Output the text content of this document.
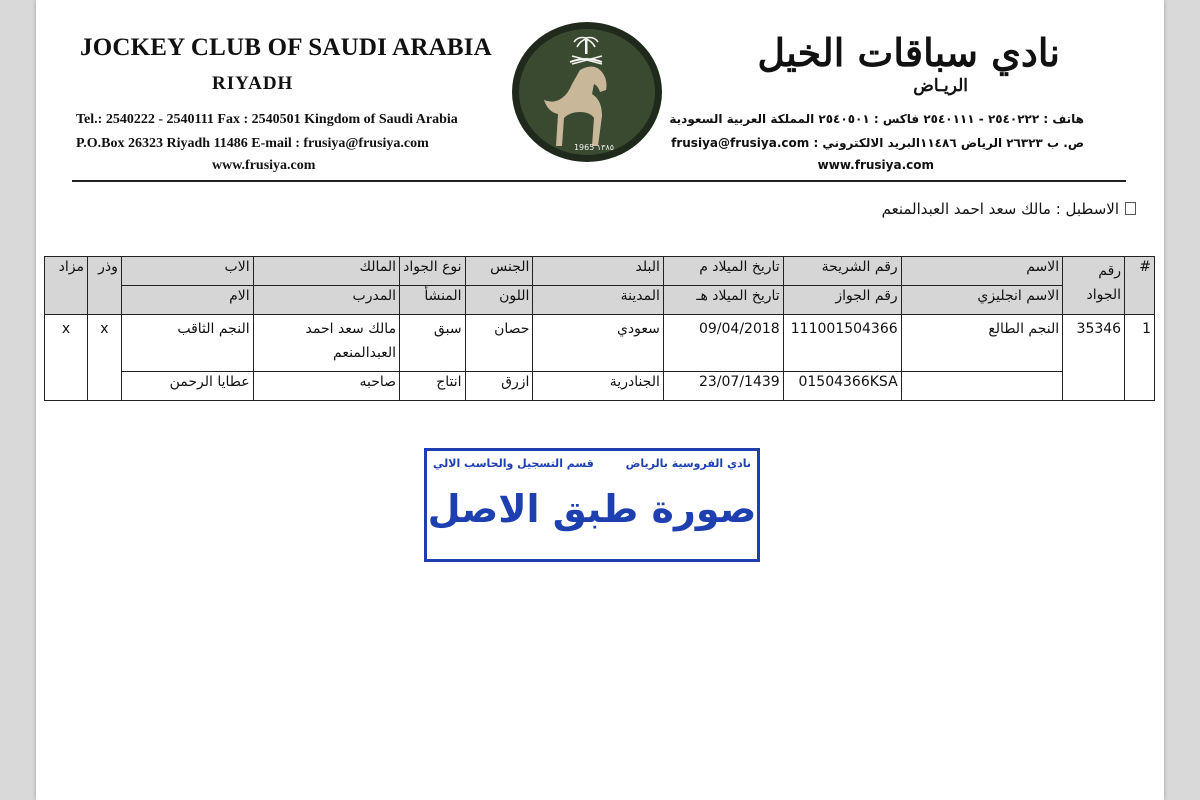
JOCKEY CLUB OF SAUDI ARABIA
RIYADH
Tel.: 2540222 - 2540111 Fax : 2540501 Kingdom of Saudi Arabia
P.O.Box 26323 Riyadh 11486 E-mail : frusiya@frusiya.com
www.frusiya.com
1965 ١٣٨٥
نادي سباقات الخيل
الريـاض
هاتف : ٢٥٤٠٢٢٢ - ٢٥٤٠١١١ فاكس : ٢٥٤٠٥٠١ المملكة العربية السعودية
ص. ب ٢٦٣٢٣ الرياض ١١٤٨٦البريد الالكتروني : frusiya@frusiya.com
www.frusiya.com
الاسطبل : مالك سعد احمد العبدالمنعم
#	رقم الجواد	الاسم	رقم الشريحة	تاريخ الميلاد م	البلد	الجنس	نوع الجواد	المالك	الاب	وذر	مزاد
		الاسم انجليزي	رقم الجواز	تاريخ الميلاد هـ	المدينة	اللون	المنشأ	المدرب	الام		
1	35346	النجم الطالع	111001504366	09/04/2018	سعودي	حصان	سبق	مالك سعد احمد العبدالمنعم	النجم الثاقب	x	x
			01504366KSA	23/07/1439	الجنادرية	ازرق	انتاج	صاحبه	عطايا الرحمن		
نادي الفروسية بالرياض
قسم التسجيل والحاسب الالي
صورة طبق الاصل
